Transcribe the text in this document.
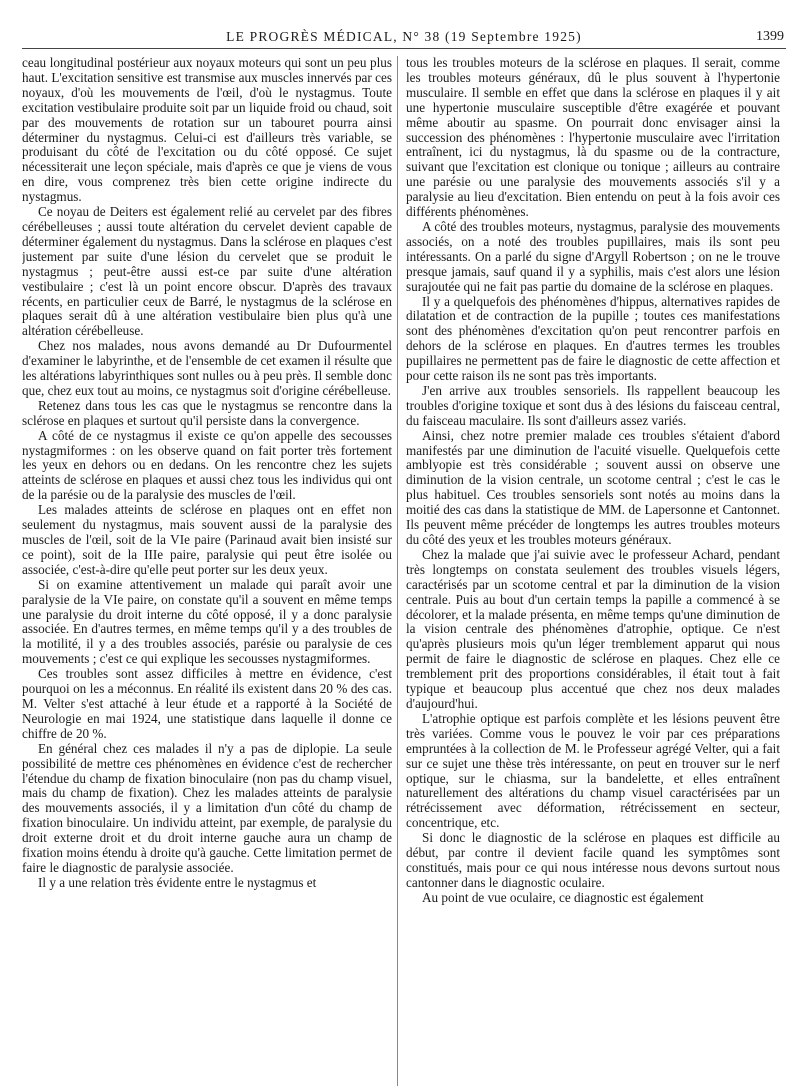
LE PROGRÈS MÉDICAL, N° 38 (19 Septembre 1925)	1399

ceau longitudinal postérieur aux noyaux moteurs qui sont un peu plus haut. L'excitation sensitive est transmise aux muscles innervés par ces noyaux, d'où les mouvements de l'œil, d'où le nystagmus. Toute excitation vestibulaire produite soit par un liquide froid ou chaud, soit par des mouvements de rotation sur un tabouret pourra ainsi déterminer du nystagmus. Celui-ci est d'ailleurs très variable, se produisant du côté de l'excitation ou du côté opposé. Ce sujet nécessiterait une leçon spéciale, mais d'après ce que je viens de vous en dire, vous comprenez très bien cette origine indirecte du nystagmus.

Ce noyau de Deiters est également relié au cervelet par des fibres cérébelleuses ; aussi toute altération du cervelet devient capable de déterminer également du nystagmus. Dans la sclérose en plaques c'est justement par suite d'une lésion du cervelet que se produit le nystagmus ; peut-être aussi est-ce par suite d'une altération vestibulaire ; c'est là un point encore obscur. D'après des travaux récents, en particulier ceux de Barré, le nystagmus de la sclérose en plaques serait dû à une altération vestibulaire bien plus qu'à une altération cérébelleuse.

Chez nos malades, nous avons demandé au Dr Dufourmentel d'examiner le labyrinthe, et de l'ensemble de cet examen il résulte que les altérations labyrinthiques sont nulles ou à peu près. Il semble donc que, chez eux tout au moins, ce nystagmus soit d'origine cérébelleuse.

Retenez dans tous les cas que le nystagmus se rencontre dans la sclérose en plaques et surtout qu'il persiste dans la convergence.

A côté de ce nystagmus il existe ce qu'on appelle des secousses nystagmiformes : on les observe quand on fait porter très fortement les yeux en dehors ou en dedans. On les rencontre chez les sujets atteints de sclérose en plaques et aussi chez tous les individus qui ont de la parésie ou de la paralysie des muscles de l'œil.

Les malades atteints de sclérose en plaques ont en effet non seulement du nystagmus, mais souvent aussi de la paralysie des muscles de l'œil, soit de la VIe paire (Parinaud avait bien insisté sur ce point), soit de la IIIe paire, paralysie qui peut être isolée ou associée, c'est-à-dire qu'elle peut porter sur les deux yeux.

Si on examine attentivement un malade qui paraît avoir une paralysie de la VIe paire, on constate qu'il a souvent en même temps une paralysie du droit interne du côté opposé, il y a donc paralysie associée. En d'autres termes, en même temps qu'il y a des troubles de la motilité, il y a des troubles associés, parésie ou paralysie de ces mouvements ; c'est ce qui explique les secousses nystagmiformes.

Ces troubles sont assez difficiles à mettre en évidence, c'est pourquoi on les a méconnus. En réalité ils existent dans 20 % des cas. M. Velter s'est attaché à leur étude et a rapporté à la Société de Neurologie en mai 1924, une statistique dans laquelle il donne ce chiffre de 20 %.

En général chez ces malades il n'y a pas de diplopie. La seule possibilité de mettre ces phénomènes en évidence c'est de rechercher l'étendue du champ de fixation binoculaire (non pas du champ visuel, mais du champ de fixation). Chez les malades atteints de paralysie des mouvements associés, il y a limitation d'un côté du champ de fixation binoculaire. Un individu atteint, par exemple, de paralysie du droit externe droit et du droit interne gauche aura un champ de fixation moins étendu à droite qu'à gauche. Cette limitation permet de faire le diagnostic de paralysie associée.

Il y a une relation très évidente entre le nystagmus et

tous les troubles moteurs de la sclérose en plaques. Il serait, comme les troubles moteurs généraux, dû le plus souvent à l'hypertonie musculaire. Il semble en effet que dans la sclérose en plaques il y ait une hypertonie musculaire susceptible d'être exagérée et pouvant même aboutir au spasme. On pourrait donc envisager ainsi la succession des phénomènes : l'hypertonie musculaire avec l'irritation entraînent, ici du nystagmus, là du spasme ou de la contracture, suivant que l'excitation est clonique ou tonique ; ailleurs au contraire une parésie ou une paralysie des mouvements associés s'il y a paralysie au lieu d'excitation. Bien entendu on peut à la fois avoir ces différents phénomènes.

A côté des troubles moteurs, nystagmus, paralysie des mouvements associés, on a noté des troubles pupillaires, mais ils sont peu intéressants. On a parlé du signe d'Argyll Robertson ; on ne le trouve presque jamais, sauf quand il y a syphilis, mais c'est alors une lésion surajoutée qui ne fait pas partie du domaine de la sclérose en plaques.

Il y a quelquefois des phénomènes d'hippus, alternatives rapides de dilatation et de contraction de la pupille ; toutes ces manifestations sont des phénomènes d'excitation qu'on peut rencontrer parfois en dehors de la sclérose en plaques. En d'autres termes les troubles pupillaires ne permettent pas de faire le diagnostic de cette affection et pour cette raison ils ne sont pas très importants.

J'en arrive aux troubles sensoriels. Ils rappellent beaucoup les troubles d'origine toxique et sont dus à des lésions du faisceau central, du faisceau maculaire. Ils sont d'ailleurs assez variés.

Ainsi, chez notre premier malade ces troubles s'étaient d'abord manifestés par une diminution de l'acuité visuelle. Quelquefois cette amblyopie est très considérable ; souvent aussi on observe une diminution de la vision centrale, un scotome central ; c'est le cas le plus habituel. Ces troubles sensoriels sont notés au moins dans la moitié des cas dans la statistique de MM. de Lapersonne et Cantonnet. Ils peuvent même précéder de longtemps les autres troubles moteurs du côté des yeux et les troubles moteurs généraux.

Chez la malade que j'ai suivie avec le professeur Achard, pendant très longtemps on constata seulement des troubles visuels légers, caractérisés par un scotome central et par la diminution de la vision centrale. Puis au bout d'un certain temps la papille a commencé à se décolorer, et la malade présenta, en même temps qu'une diminution de la vision centrale des phénomènes d'atrophie, optique. Ce n'est qu'après plusieurs mois qu'un léger tremblement apparut qui nous permit de faire le diagnostic de sclérose en plaques. Chez elle ce tremblement prit des proportions considérables, il était tout à fait typique et beaucoup plus accentué que chez nos deux malades d'aujourd'hui.

L'atrophie optique est parfois complète et les lésions peuvent être très variées. Comme vous le pouvez le voir par ces préparations empruntées à la collection de M. le Professeur agrégé Velter, qui a fait sur ce sujet une thèse très intéressante, on peut en trouver sur le nerf optique, sur le chiasma, sur la bandelette, et elles entraînent naturellement des altérations du champ visuel caractérisées par un rétrécissement avec déformation, rétrécissement en secteur, concentrique, etc.

Si donc le diagnostic de la sclérose en plaques est difficile au début, par contre il devient facile quand les symptômes sont constitués, mais pour ce qui nous intéresse nous devons surtout nous cantonner dans le diagnostic oculaire.

Au point de vue oculaire, ce diagnostic est également
